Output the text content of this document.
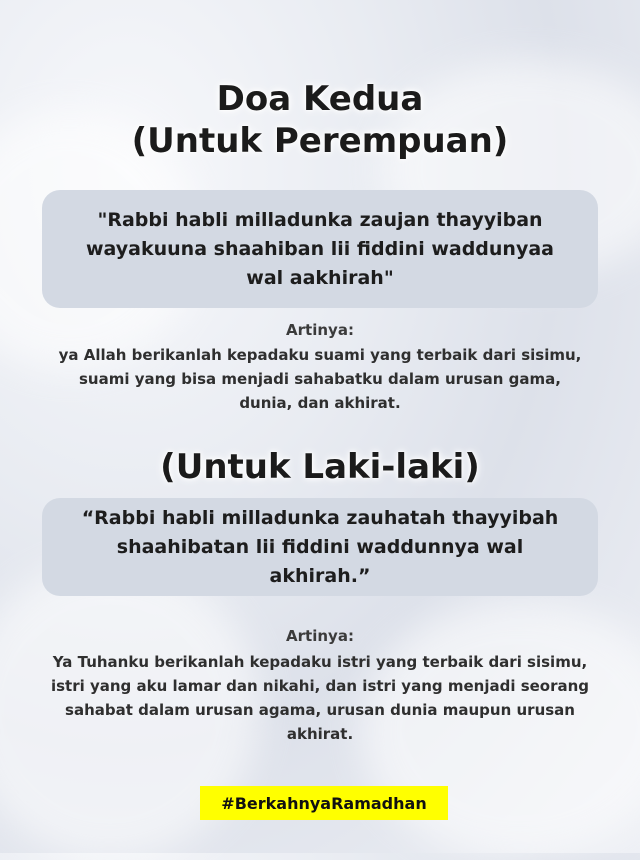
Doa Kedua
(Untuk Perempuan)
"Rabbi habli milladunka zaujan thayyiban wayakuuna shaahiban lii fiddini waddunyaa wal aakhirah"
Artinya:
ya Allah berikanlah kepadaku suami yang terbaik dari sisimu, suami yang bisa menjadi sahabatku dalam urusan gama, dunia, dan akhirat.
(Untuk Laki-laki)
“Rabbi habli milladunka zauhatah thayyibah shaahibatan lii fiddini waddunnya wal akhirah.”
Artinya:
Ya Tuhanku berikanlah kepadaku istri yang terbaik dari sisimu, istri yang aku lamar dan nikahi, dan istri yang menjadi seorang sahabat dalam urusan agama, urusan dunia maupun urusan akhirat.
#BerkahnyaRamadhan
